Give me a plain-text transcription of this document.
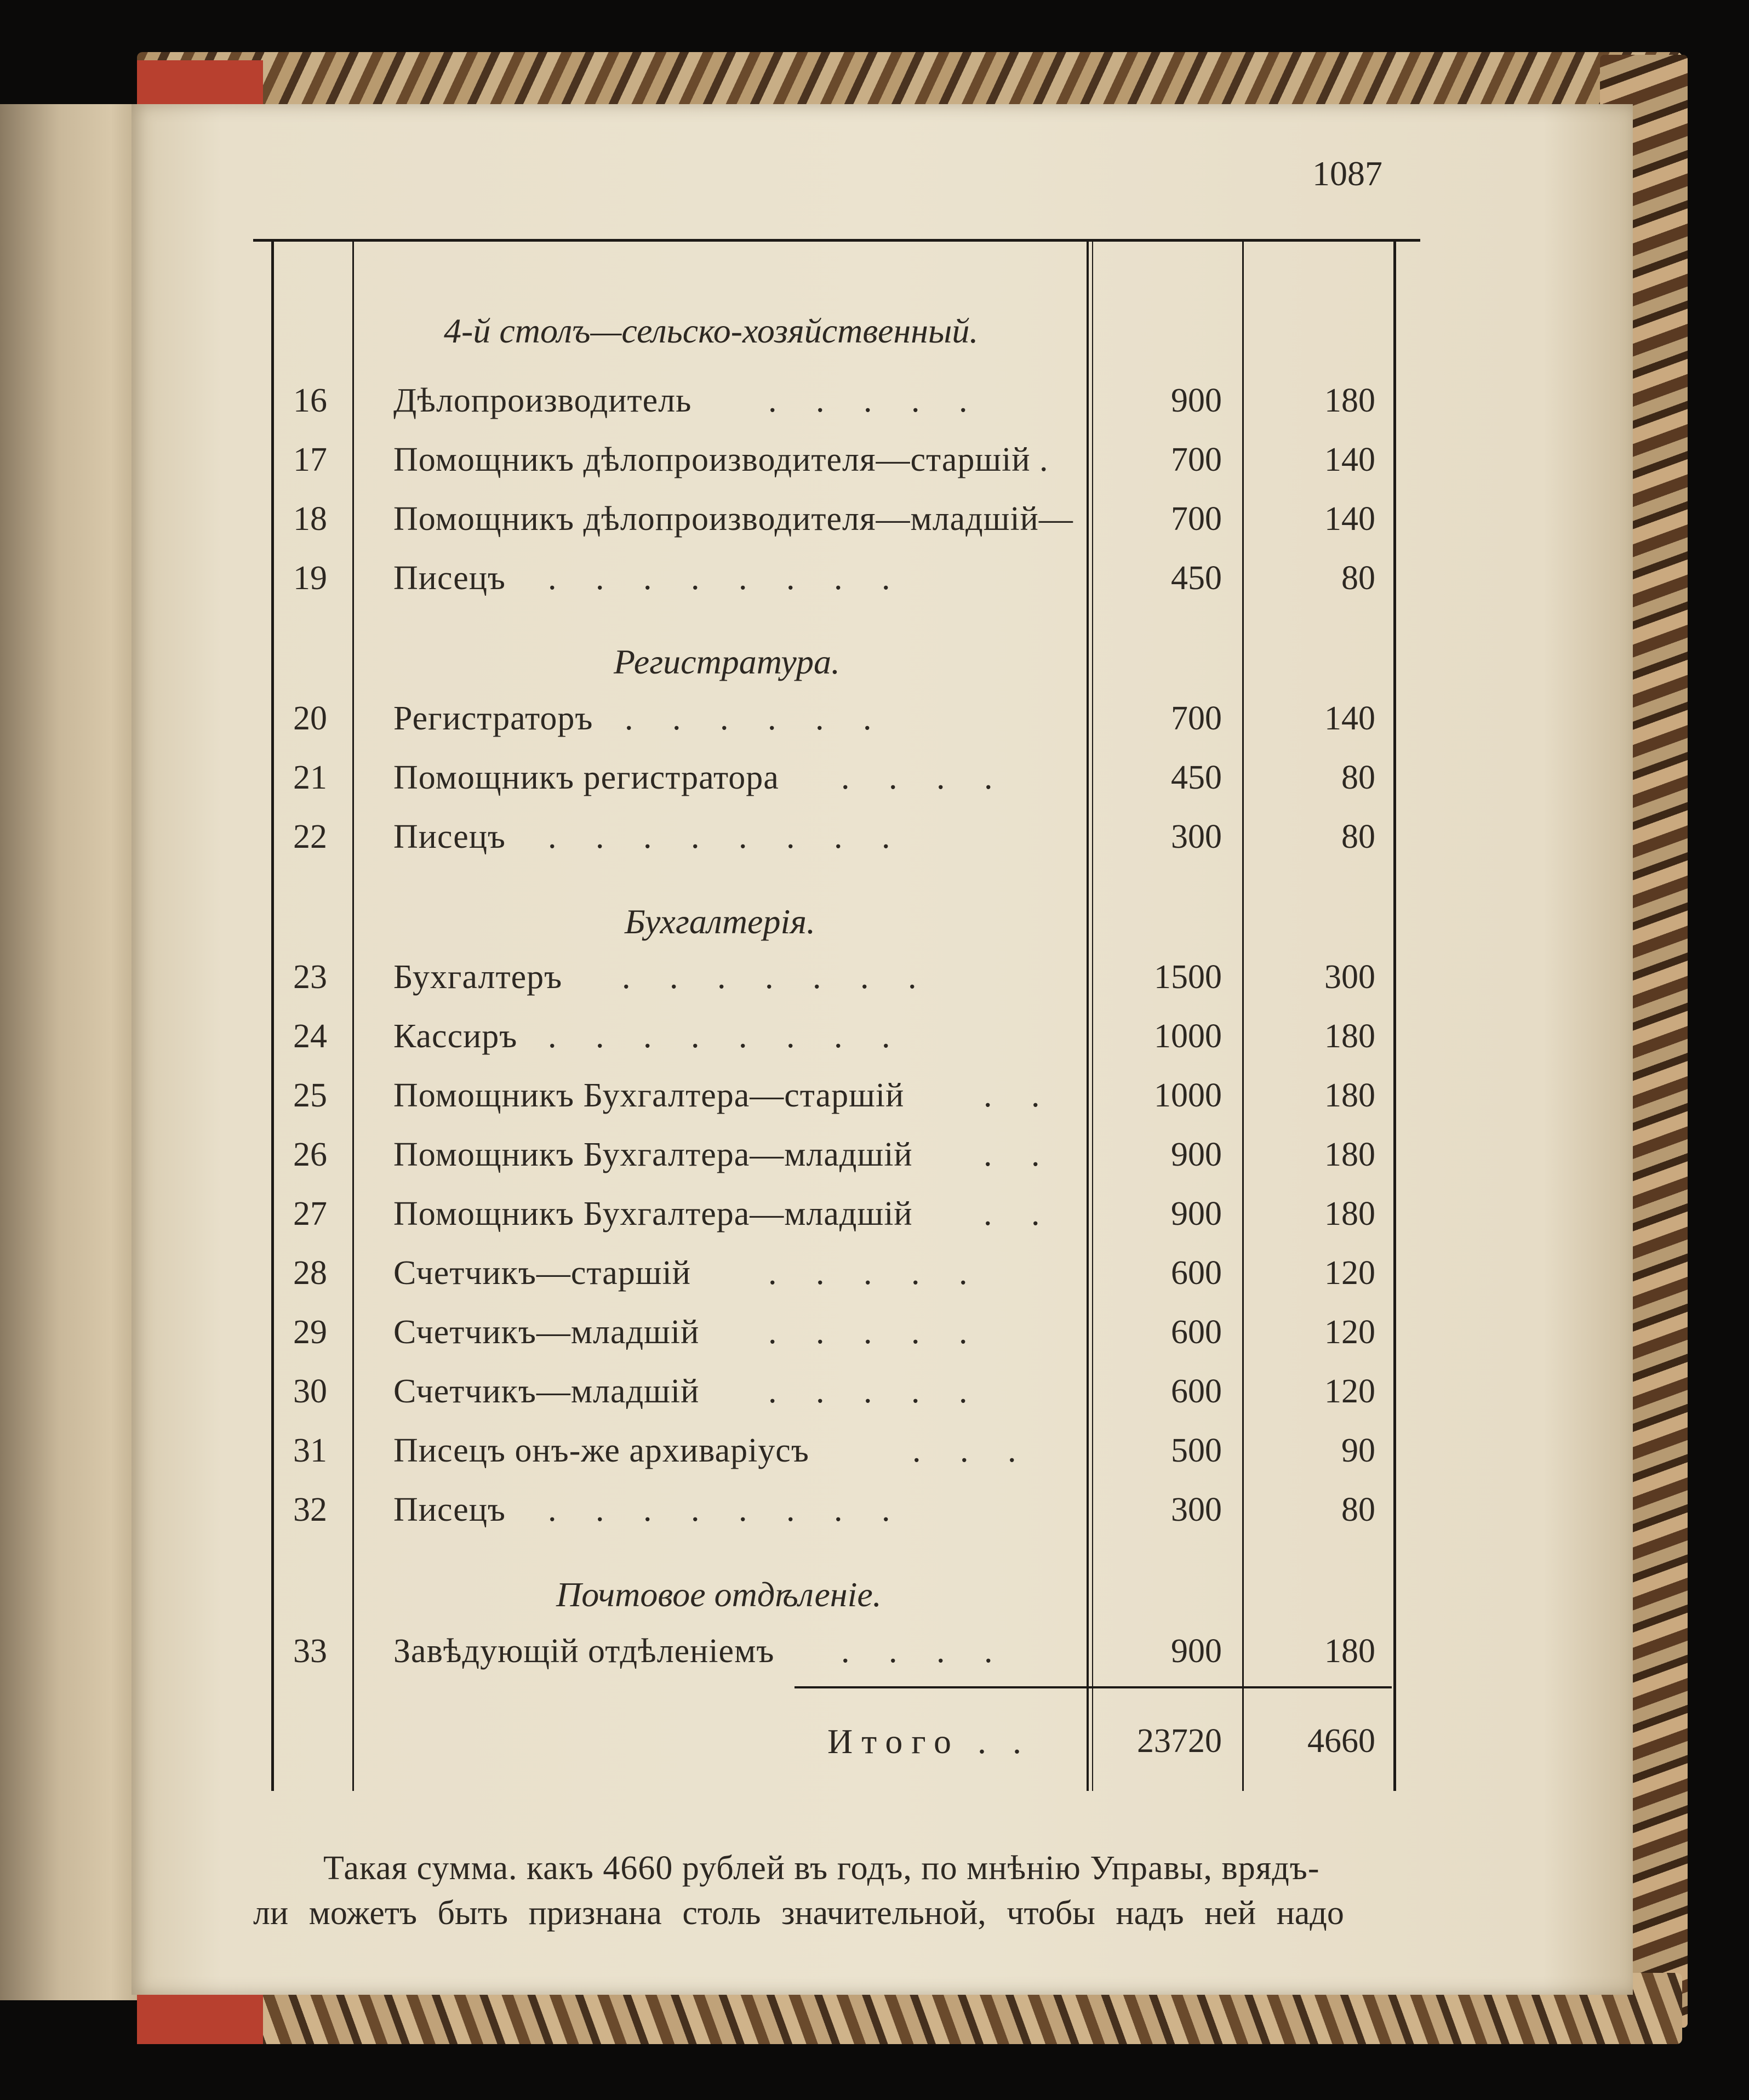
1087
4-й столъ—сельско-хозяйственный.
16 Дѣлопроизводитель . . . . .	900	180
17 Помощникъ дѣлопроизводителя—старшій .	700	140
18 Помощникъ дѣлопроизводителя—младшій—	700	140
19 Писецъ . . . . . . . .	450	80
Регистратура.
20 Регистраторъ . . . . . .	700	140
21 Помощникъ регистратора . . . .	450	80
22 Писецъ . . . . . . . .	300	80
Бухгалтерія.
23 Бухгалтеръ . . . . . . .	1500	300
24 Кассиръ . . . . . . . .	1000	180
25 Помощникъ Бухгалтера—старшій . .	1000	180
26 Помощникъ Бухгалтера—младшій . .	900	180
27 Помощникъ Бухгалтера—младшій . .	900	180
28 Счетчикъ—старшій . . . . .	600	120
29 Счетчикъ—младшій . . . . .	600	120
30 Счетчикъ—младшій . . . . .	600	120
31 Писецъ онъ-же архиваріусъ	. . .	500	90
32 Писецъ . . . . . . . .	300	80
Почтовое отдѣленіе.
33 Завѣдующій отдѣленіемъ . . . .	900	180
Итого . .	23720	4660
Такая сумма. какъ 4660 рублей въ годъ, по мнѣнію Управы, врядъ-
ли можетъ быть признана столь значительной, чтобы надъ ней надо
